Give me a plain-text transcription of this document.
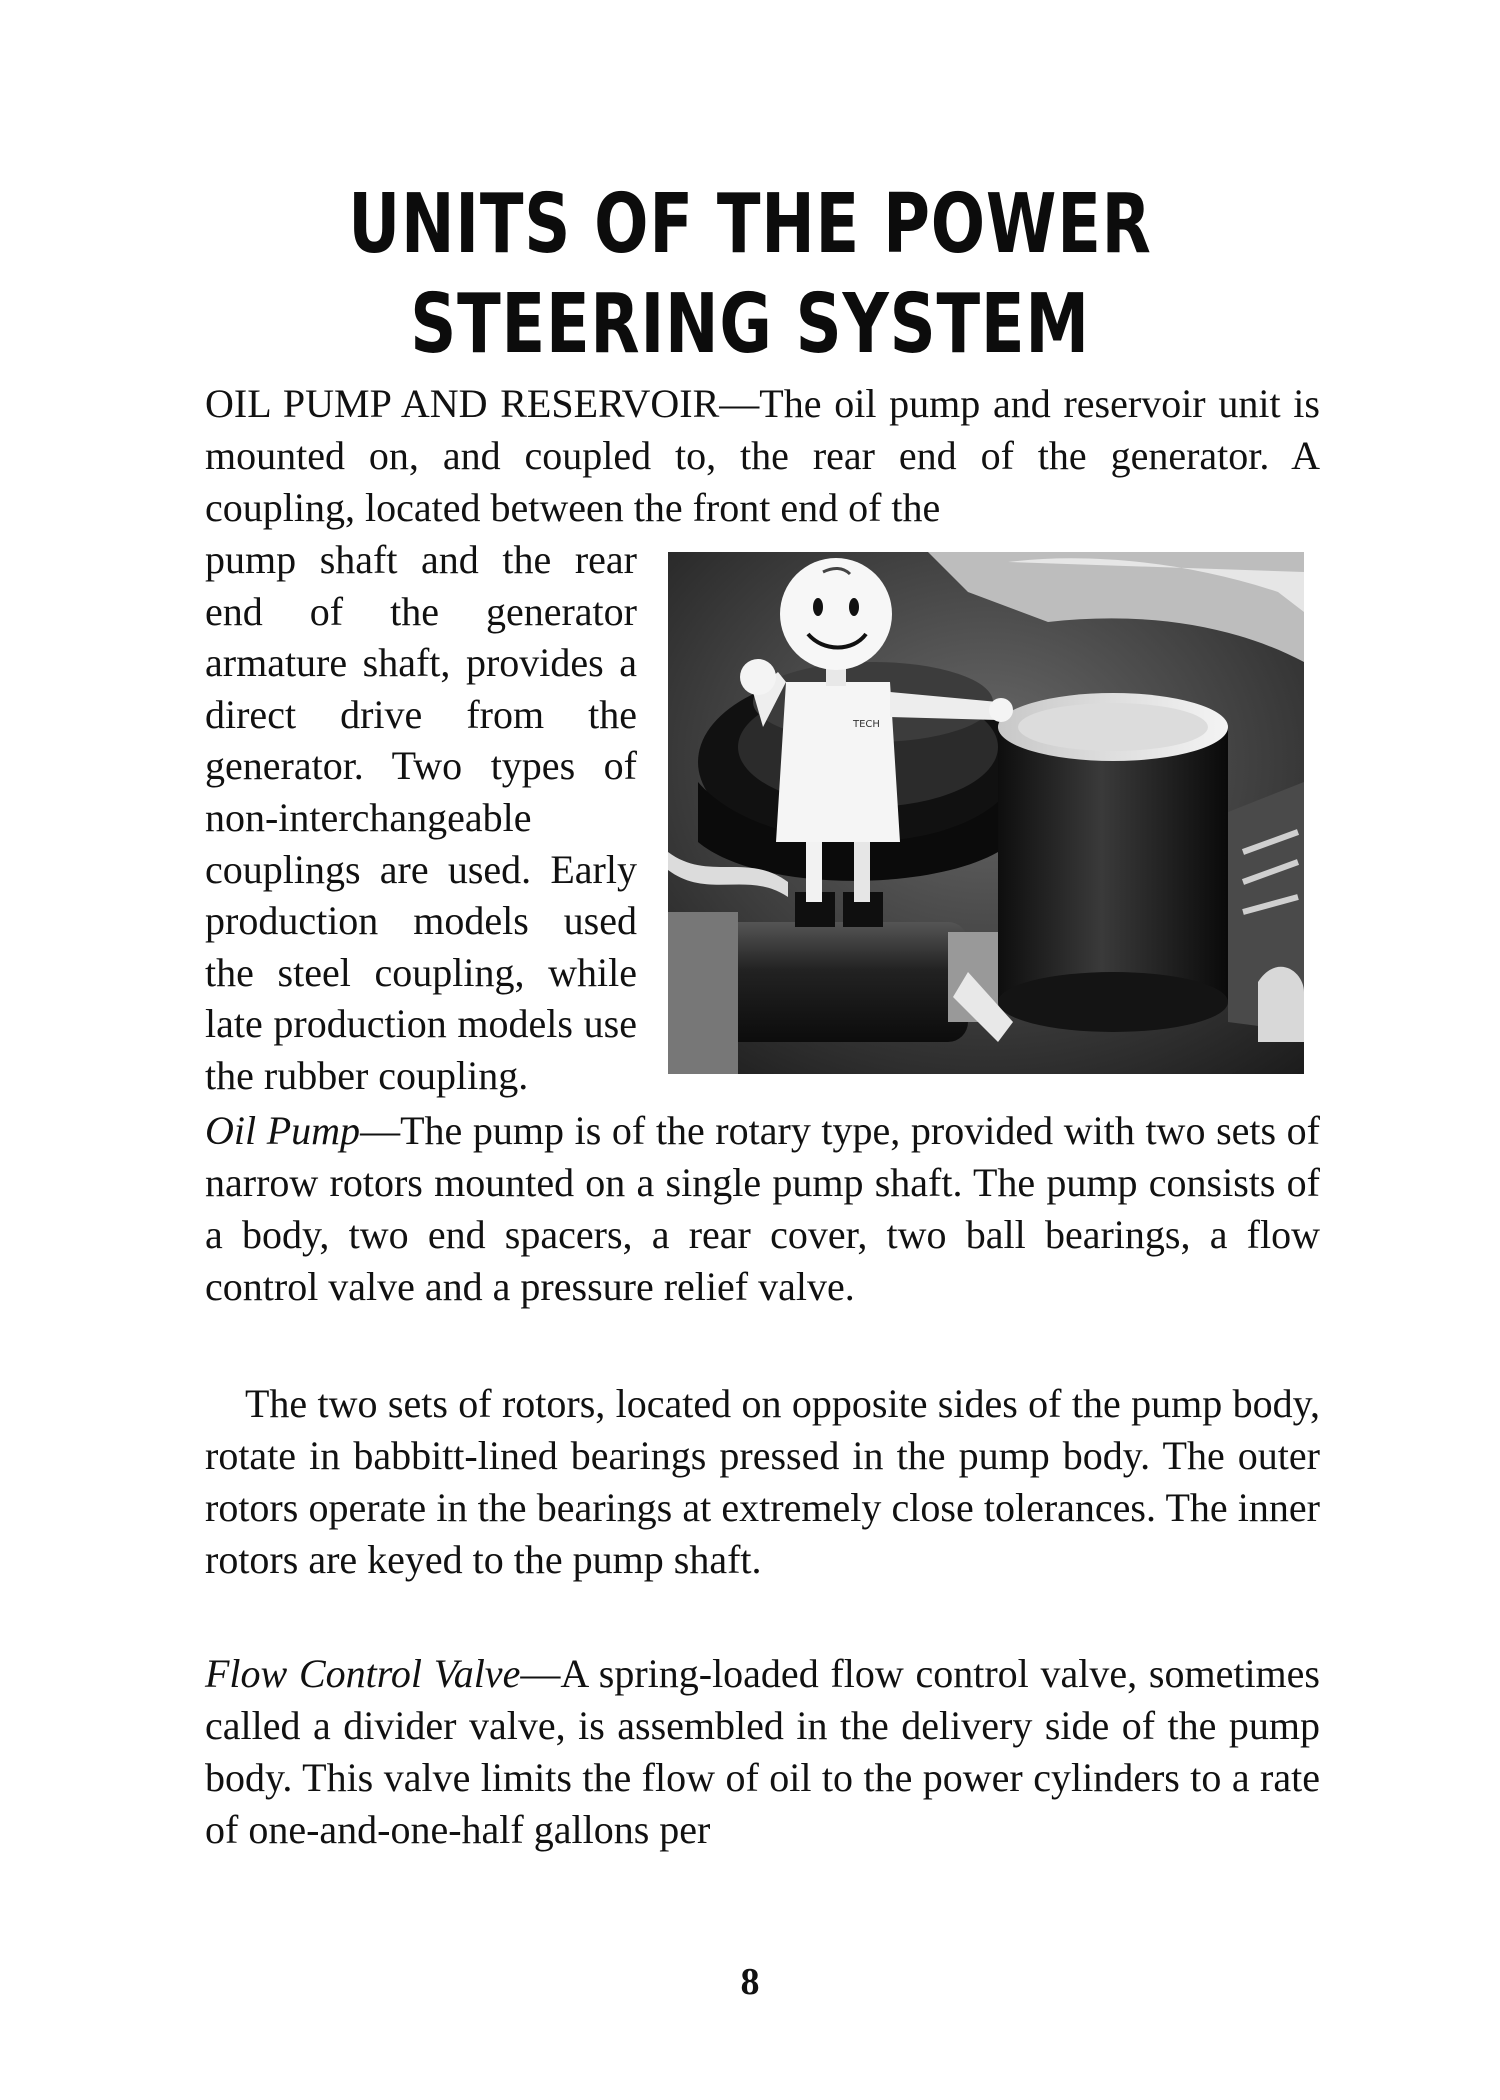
UNITS OF THE POWER
STEERING SYSTEM

OIL PUMP AND RESERVOIR—The oil pump and reservoir unit is mounted on, and coupled to, the rear end of the generator. A coupling, located between the front end of the

pump shaft and the rear end of the generator armature shaft, provides a direct drive from the generator. Two types of non-interchangeable couplings are used. Early production models used the steel coupling, while late production models use the rubber coupling.

TECH

Oil Pump—The pump is of the rotary type, provided with two sets of narrow rotors mounted on a single pump shaft. The pump consists of a body, two end spacers, a rear cover, two ball bearings, a flow control valve and a pressure relief valve.

The two sets of rotors, located on opposite sides of the pump body, rotate in babbitt-lined bearings pressed in the pump body. The outer rotors operate in the bearings at extremely close tolerances. The inner rotors are keyed to the pump shaft.

Flow Control Valve—A spring-loaded flow control valve, sometimes called a divider valve, is assembled in the delivery side of the pump body. This valve limits the flow of oil to the power cylinders to a rate of one-and-one-half gallons per

8
